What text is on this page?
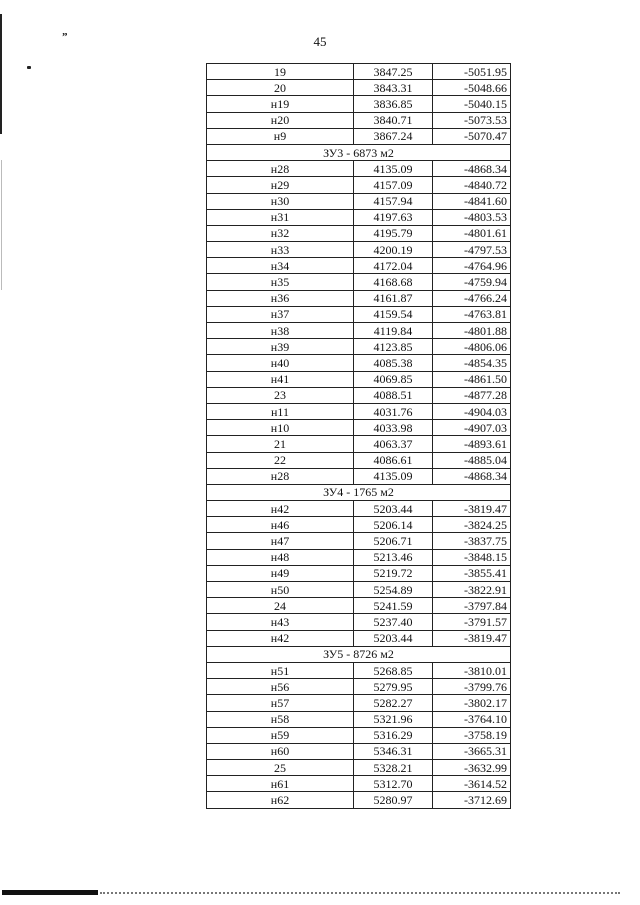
ˮ	45
19	3847.25	-5051.95
20	3843.31	-5048.66
н19	3836.85	-5040.15
н20	3840.71	-5073.53
н9	3867.24	-5070.47
ЗУ3 - 6873 м2		
н28	4135.09	-4868.34
н29	4157.09	-4840.72
н30	4157.94	-4841.60
н31	4197.63	-4803.53
н32	4195.79	-4801.61
н33	4200.19	-4797.53
н34	4172.04	-4764.96
н35	4168.68	-4759.94
н36	4161.87	-4766.24
н37	4159.54	-4763.81
н38	4119.84	-4801.88
н39	4123.85	-4806.06
н40	4085.38	-4854.35
н41	4069.85	-4861.50
23	4088.51	-4877.28
н11	4031.76	-4904.03
н10	4033.98	-4907.03
21	4063.37	-4893.61
22	4086.61	-4885.04
н28	4135.09	-4868.34
ЗУ4 - 1765 м2		
н42	5203.44	-3819.47
н46	5206.14	-3824.25
н47	5206.71	-3837.75
н48	5213.46	-3848.15
н49	5219.72	-3855.41
н50	5254.89	-3822.91
24	5241.59	-3797.84
н43	5237.40	-3791.57
н42	5203.44	-3819.47
ЗУ5 - 8726 м2		
н51	5268.85	-3810.01
н56	5279.95	-3799.76
н57	5282.27	-3802.17
н58	5321.96	-3764.10
н59	5316.29	-3758.19
н60	5346.31	-3665.31
25	5328.21	-3632.99
н61	5312.70	-3614.52
н62	5280.97	-3712.69
